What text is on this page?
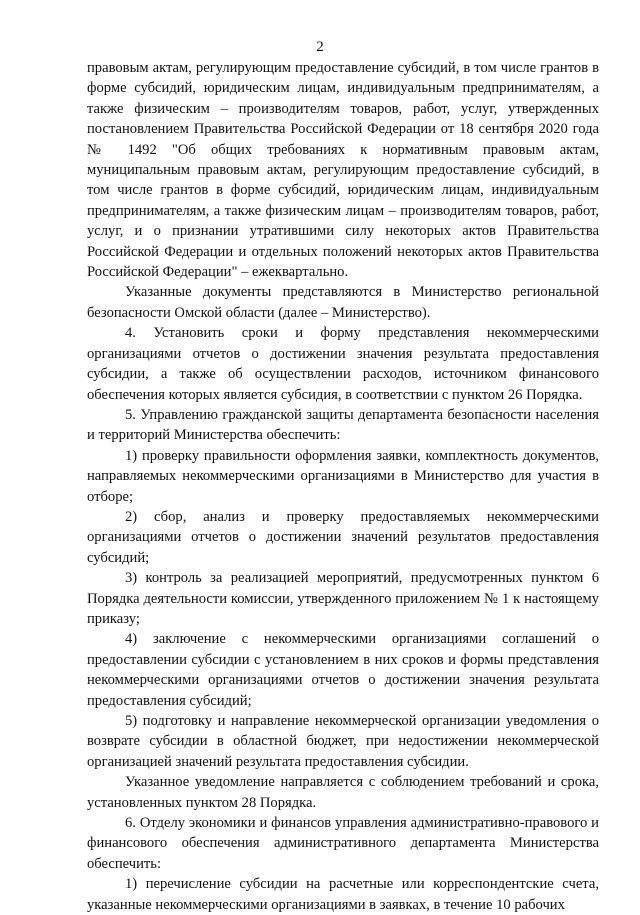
2

правовым актам, регулирующим предоставление субсидий, в том числе грантов в форме субсидий, юридическим лицам, индивидуальным предпринимателям, а также физическим – производителям товаров, работ, услуг, утвержденных постановлением Правительства Российской Федерации от 18 сентября 2020 года № 1492 "Об общих требованиях к нормативным правовым актам, муниципальным правовым актам, регулирующим предоставление субсидий, в том числе грантов в форме субсидий, юридическим лицам, индивидуальным предпринимателям, а также физическим лицам – производителям товаров, работ, услуг, и о признании утратившими силу некоторых актов Правительства Российской Федерации и отдельных положений некоторых актов Правительства Российской Федерации" – ежеквартально.

Указанные документы представляются в Министерство региональной безопасности Омской области (далее – Министерство).

4. Установить сроки и форму представления некоммерческими организациями отчетов о достижении значения результата предоставления субсидии, а также об осуществлении расходов, источником финансового обеспечения которых является субсидия, в соответствии с пунктом 26 Порядка.

5. Управлению гражданской защиты департамента безопасности населения и территорий Министерства обеспечить:

1) проверку правильности оформления заявки, комплектность документов, направляемых некоммерческими организациями в Министерство для участия в отборе;

2) сбор, анализ и проверку предоставляемых некоммерческими организациями отчетов о достижении значений результатов предоставления субсидий;

3) контроль за реализацией мероприятий, предусмотренных пунктом 6 Порядка деятельности комиссии, утвержденного приложением № 1 к настоящему приказу;

4) заключение с некоммерческими организациями соглашений о предоставлении субсидии с установлением в них сроков и формы представления некоммерческими организациями отчетов о достижении значения результата предоставления субсидий;

5) подготовку и направление некоммерческой организации уведомления о возврате субсидии в областной бюджет, при недостижении некоммерческой организацией значений результата предоставления субсидии.

Указанное уведомление направляется с соблюдением требований и срока, установленных пунктом 28 Порядка.

6. Отделу экономики и финансов управления административно-правового и финансового обеспечения административного департамента Министерства обеспечить:

1) перечисление субсидии на расчетные или корреспондентские счета, указанные некоммерческими организациями в заявках, в течение 10 рабочих
